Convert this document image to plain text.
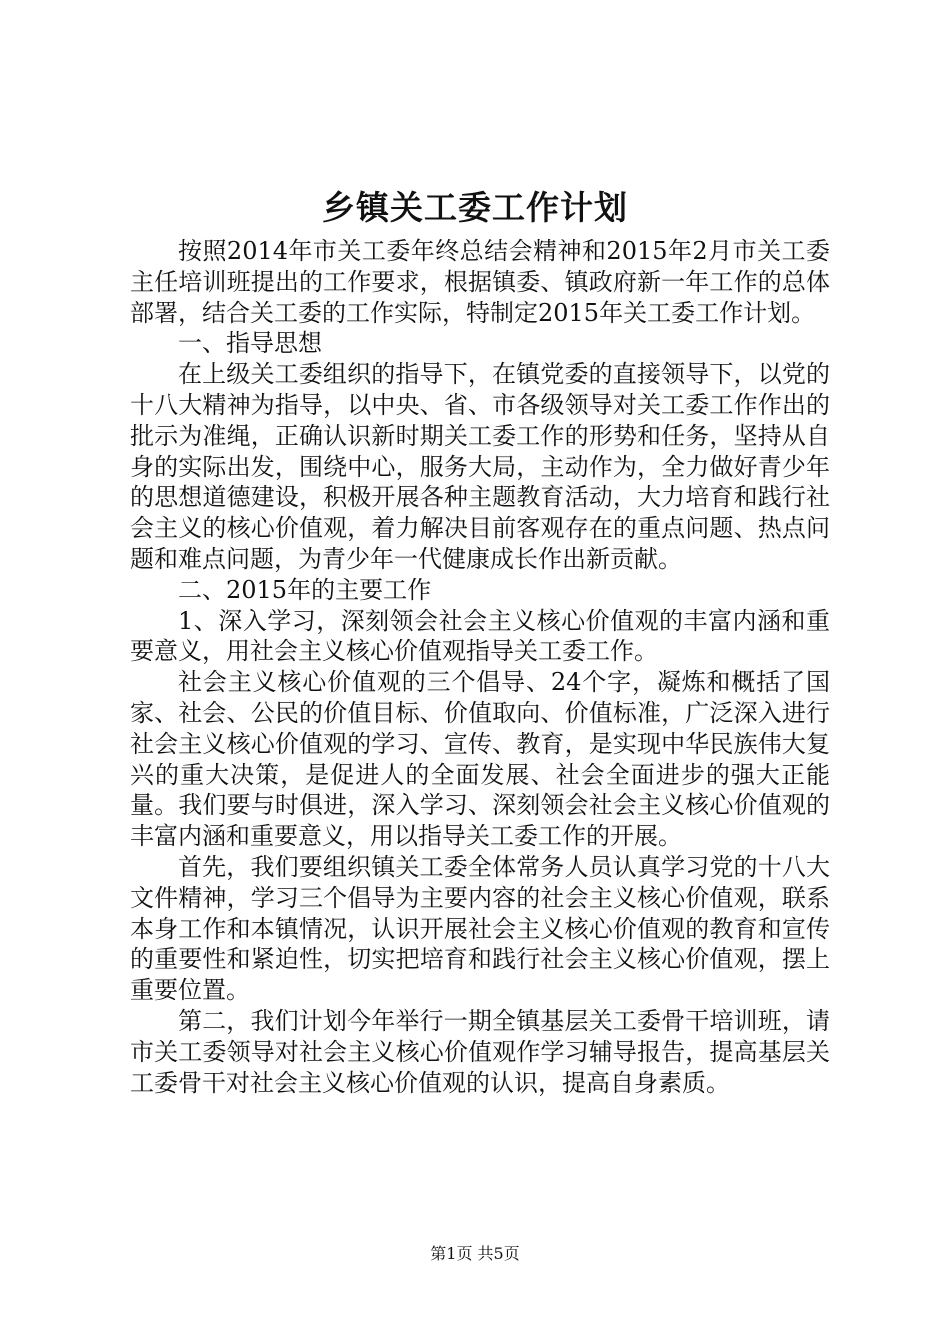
乡镇关工委工作计划

按照2014年市关工委年终总结会精神和2015年2月市关工委主任培训班提出的工作要求，根据镇委、镇政府新一年工作的总体部署，结合关工委的工作实际，特制定2015年关工委工作计划。

一、指导思想

在上级关工委组织的指导下，在镇党委的直接领导下，以党的十八大精神为指导，以中央、省、市各级领导对关工委工作作出的批示为准绳，正确认识新时期关工委工作的形势和任务，坚持从自身的实际出发，围绕中心，服务大局，主动作为，全力做好青少年的思想道德建设，积极开展各种主题教育活动，大力培育和践行社会主义的核心价值观，着力解决目前客观存在的重点问题、热点问题和难点问题，为青少年一代健康成长作出新贡献。

二、2015年的主要工作

1、深入学习，深刻领会社会主义核心价值观的丰富内涵和重要意义，用社会主义核心价值观指导关工委工作。

社会主义核心价值观的三个倡导、24个字，凝炼和概括了国家、社会、公民的价值目标、价值取向、价值标准，广泛深入进行社会主义核心价值观的学习、宣传、教育，是实现中华民族伟大复兴的重大决策，是促进人的全面发展、社会全面进步的强大正能量。我们要与时俱进，深入学习、深刻领会社会主义核心价值观的丰富内涵和重要意义，用以指导关工委工作的开展。

首先，我们要组织镇关工委全体常务人员认真学习党的十八大文件精神，学习三个倡导为主要内容的社会主义核心价值观，联系本身工作和本镇情况，认识开展社会主义核心价值观的教育和宣传的重要性和紧迫性，切实把培育和践行社会主义核心价值观，摆上重要位置。

第二，我们计划今年举行一期全镇基层关工委骨干培训班，请市关工委领导对社会主义核心价值观作学习辅导报告，提高基层关工委骨干对社会主义核心价值观的认识，提高自身素质。

第1页 共5页
